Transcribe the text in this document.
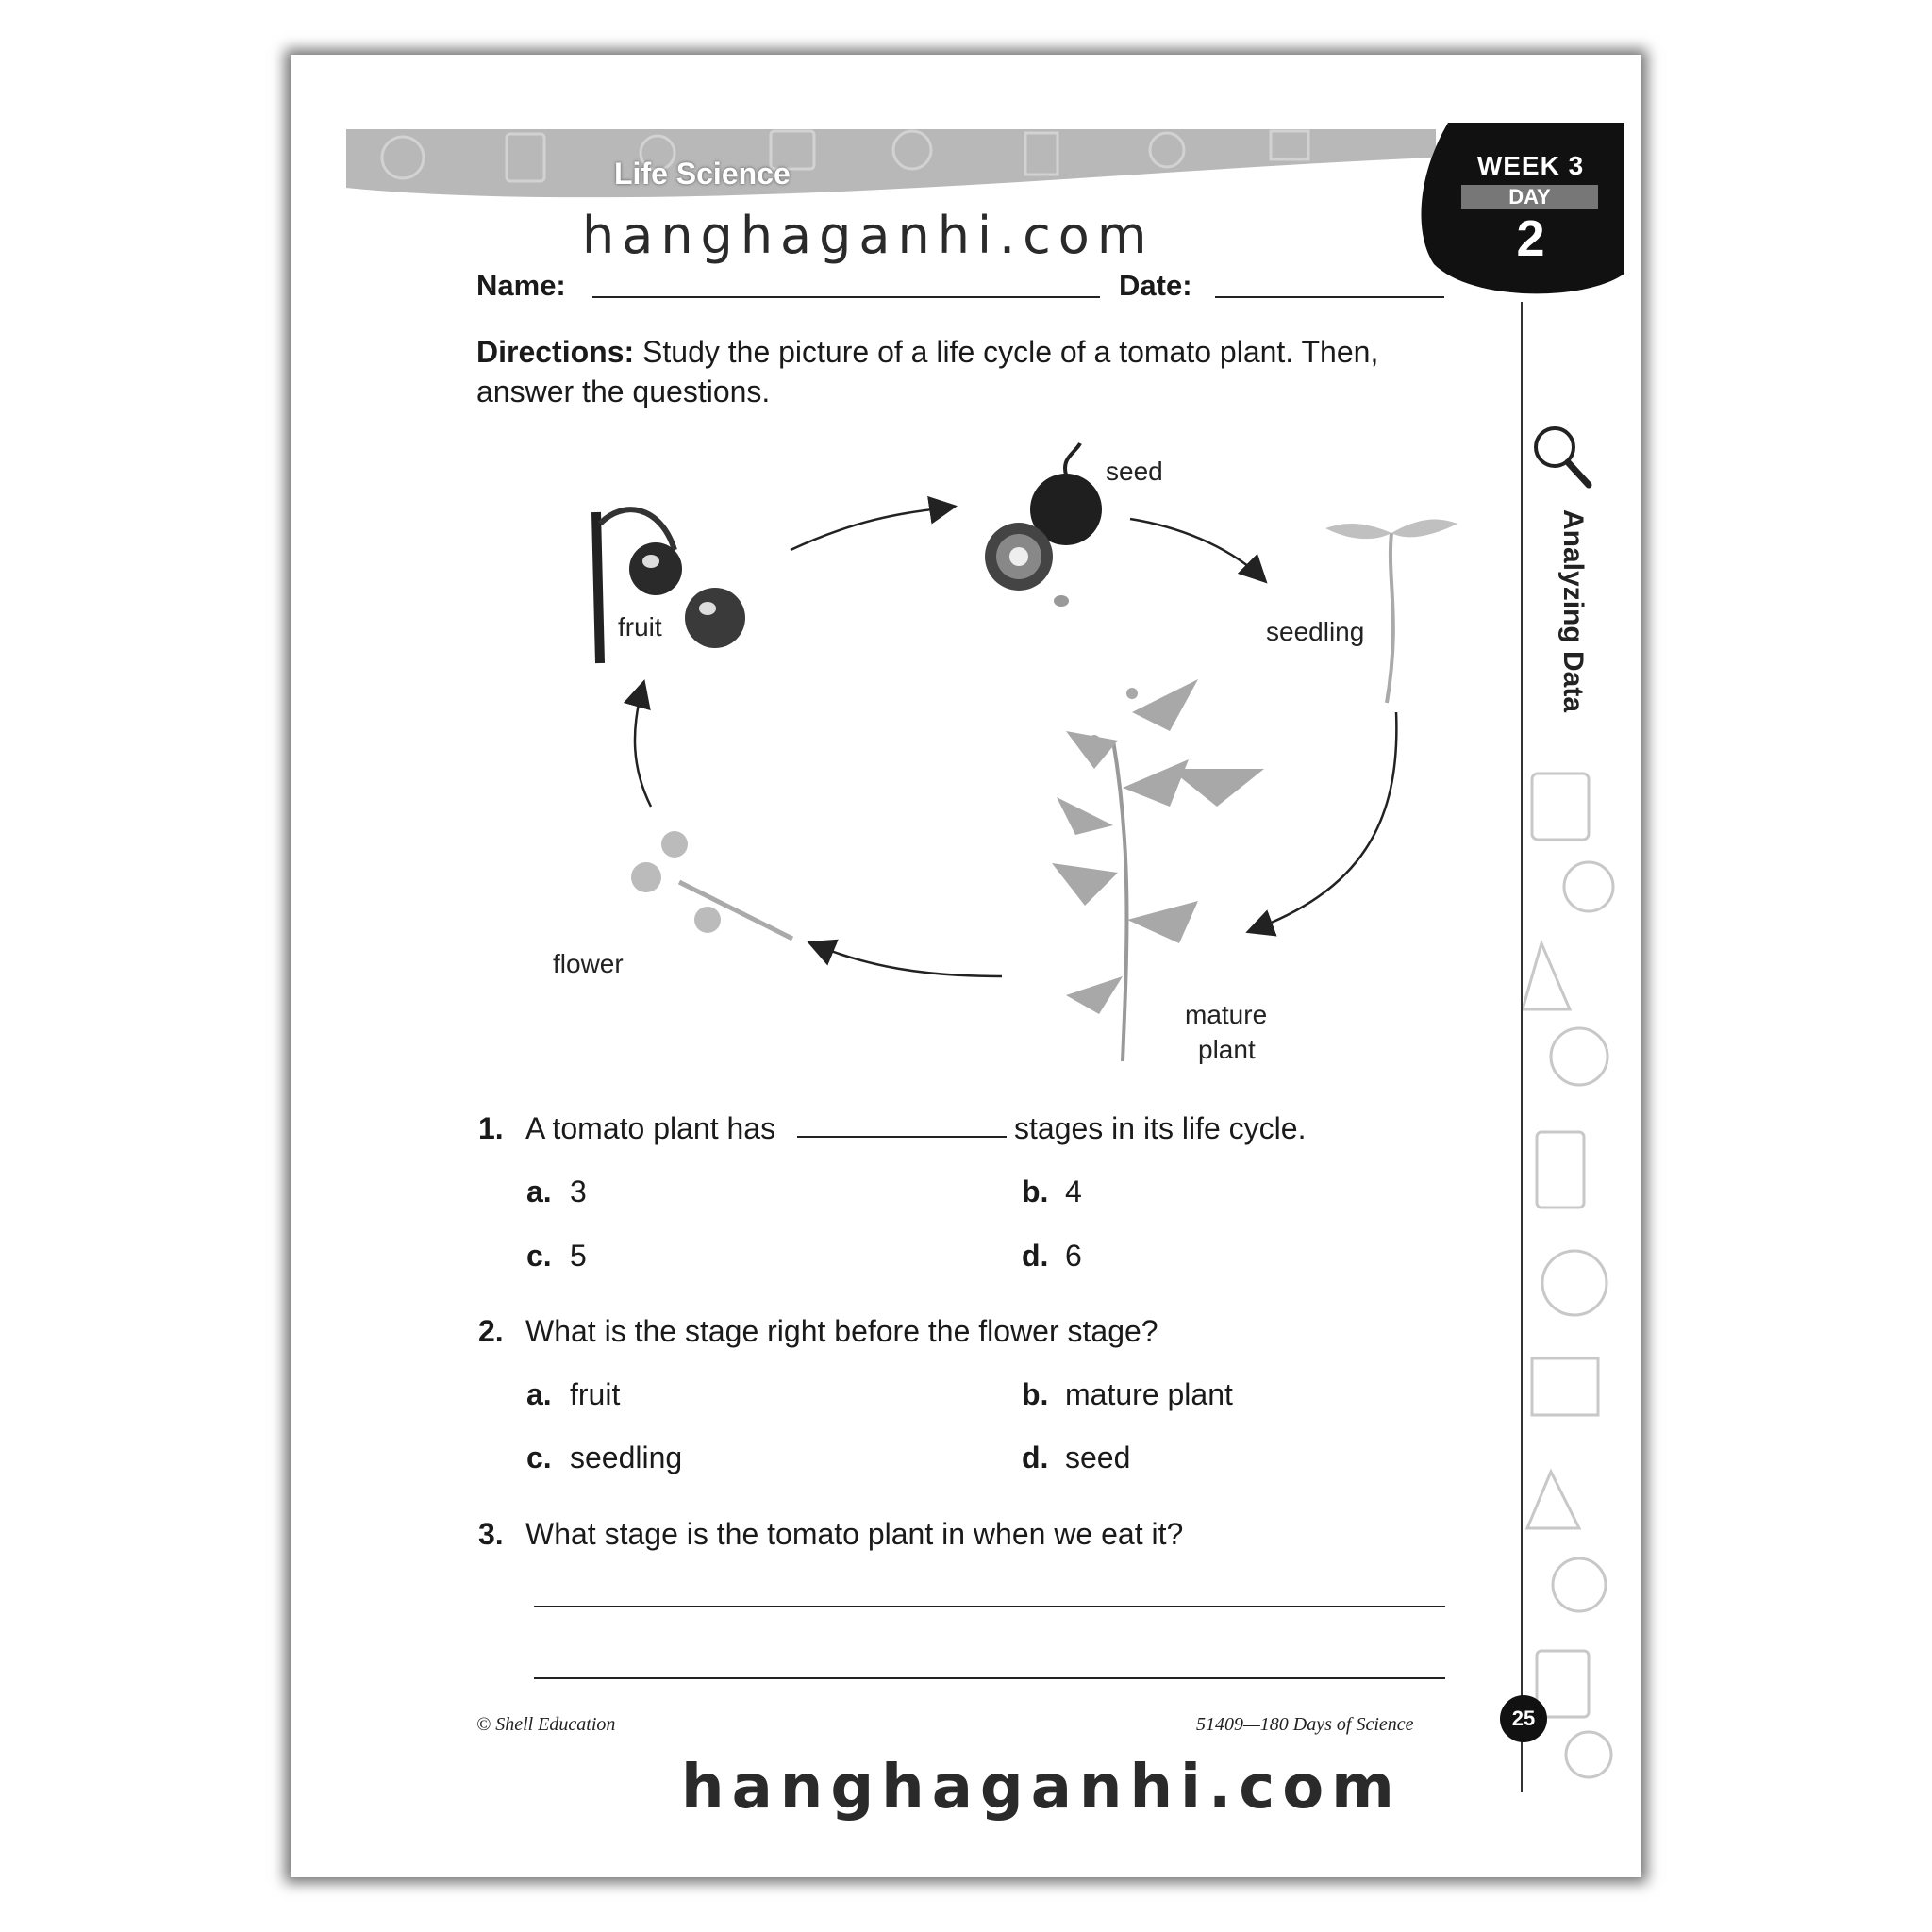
Life Science	WEEK 3
DAY
2
Analyzing Data
hanghaganhi.com
hanghaganhi.com
Name:	Date:
Directions: Study the picture of a life cycle of a tomato plant. Then, answer the questions.
seed
seedling
mature
plant
flower
fruit
1. A tomato plant has	stages in its life cycle.
a. 3	b. 4
c. 5	d. 6
2. What is the stage right before the flower stage?
a. fruit	b. mature plant
c. seedling	d. seed
3. What stage is the tomato plant in when we eat it?
© Shell Education	51409—180 Days of Science	25
